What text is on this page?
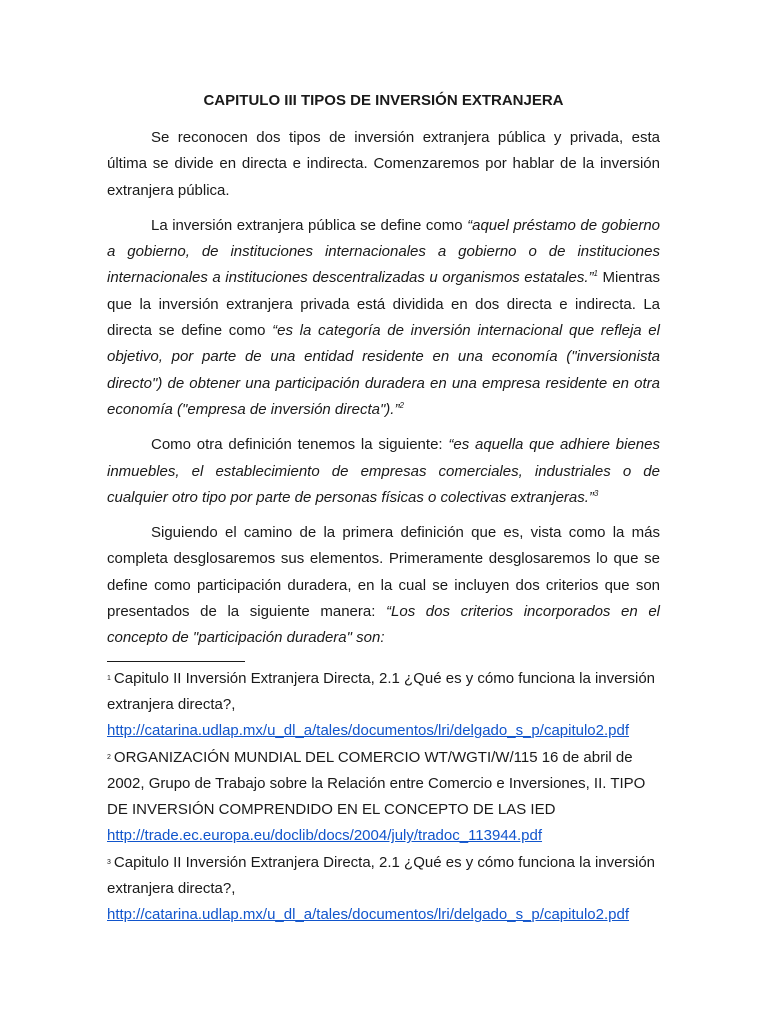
CAPITULO III TIPOS DE INVERSIÓN EXTRANJERA

Se reconocen dos tipos de inversión extranjera pública y privada, esta última se divide en directa e indirecta. Comenzaremos por hablar de la inversión extranjera pública.

La inversión extranjera pública se define como “aquel préstamo de gobierno a gobierno, de instituciones internacionales a gobierno o de instituciones internacionales a instituciones descentralizadas u organismos estatales.”$^1$ Mientras que la inversión extranjera privada está dividida en dos directa e indirecta. La directa se define como “es la categoría de inversión internacional que refleja el objetivo, por parte de una entidad residente en una economía ("inversionista directo") de obtener una participación duradera en una empresa residente en otra economía ("empresa de inversión directa").”$^2$

Como otra definición tenemos la siguiente: “es aquella que adhiere bienes inmuebles, el establecimiento de empresas comerciales, industriales o de cualquier otro tipo por parte de personas físicas o colectivas extranjeras.”$^3$

Siguiendo el camino de la primera definición que es, vista como la más completa desglosaremos sus elementos. Primeramente desglosaremos lo que se define como participación duradera, en la cual se incluyen dos criterios que son presentados de la siguiente manera: “Los dos criterios incorporados en el concepto de "participación duradera" son:

$^1$ Capitulo II Inversión Extranjera Directa, 2.1 ¿Qué es y cómo funciona la inversión extranjera directa?,
http://catarina.udlap.mx/u_dl_a/tales/documentos/lri/delgado_s_p/capitulo2.pdf

$^2$ ORGANIZACIÓN MUNDIAL DEL COMERCIO WT/WGTI/W/115 16 de abril de 2002, Grupo de Trabajo sobre la Relación entre Comercio e Inversiones, II. TIPO DE INVERSIÓN COMPRENDIDO EN EL CONCEPTO DE LAS IED
http://trade.ec.europa.eu/doclib/docs/2004/july/tradoc_113944.pdf

$^3$ Capitulo II Inversión Extranjera Directa, 2.1 ¿Qué es y cómo funciona la inversión extranjera directa?,
http://catarina.udlap.mx/u_dl_a/tales/documentos/lri/delgado_s_p/capitulo2.pdf
